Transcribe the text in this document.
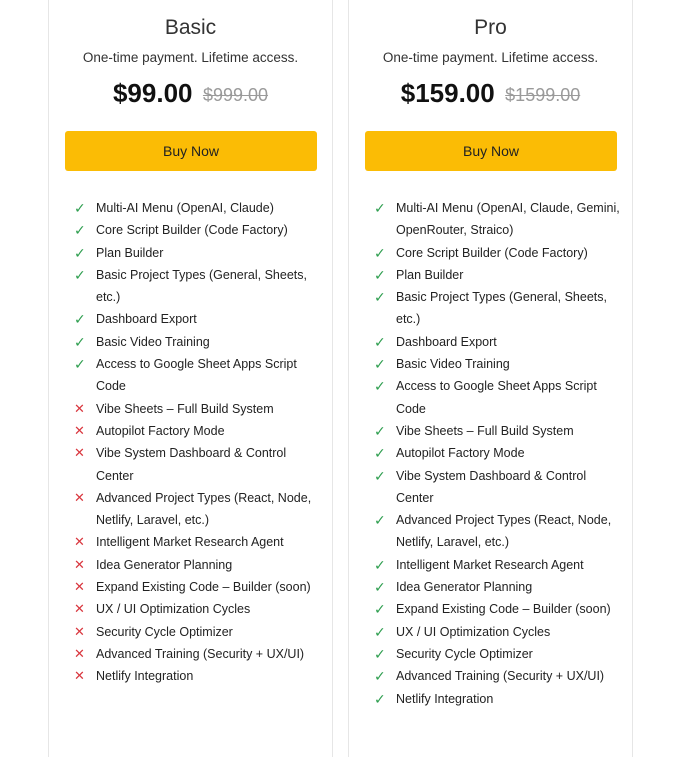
Basic
One-time payment. Lifetime access.
$99.00 $999.00
Buy Now
✓ Multi-AI Menu (OpenAI, Claude)
✓ Core Script Builder (Code Factory)
✓ Plan Builder
✓ Basic Project Types (General, Sheets, etc.)
✓ Dashboard Export
✓ Basic Video Training
✓ Access to Google Sheet Apps Script Code
✕ Vibe Sheets – Full Build System
✕ Autopilot Factory Mode
✕ Vibe System Dashboard & Control Center
✕ Advanced Project Types (React, Node, Netlify, Laravel, etc.)
✕ Intelligent Market Research Agent
✕ Idea Generator Planning
✕ Expand Existing Code – Builder (soon)
✕ UX / UI Optimization Cycles
✕ Security Cycle Optimizer
✕ Advanced Training (Security + UX/UI)
✕ Netlify Integration
Pro
One-time payment. Lifetime access.
$159.00 $1599.00
Buy Now
✓ Multi-AI Menu (OpenAI, Claude, Gemini, OpenRouter, Straico)
✓ Core Script Builder (Code Factory)
✓ Plan Builder
✓ Basic Project Types (General, Sheets, etc.)
✓ Dashboard Export
✓ Basic Video Training
✓ Access to Google Sheet Apps Script Code
✓ Vibe Sheets – Full Build System
✓ Autopilot Factory Mode
✓ Vibe System Dashboard & Control Center
✓ Advanced Project Types (React, Node, Netlify, Laravel, etc.)
✓ Intelligent Market Research Agent
✓ Idea Generator Planning
✓ Expand Existing Code – Builder (soon)
✓ UX / UI Optimization Cycles
✓ Security Cycle Optimizer
✓ Advanced Training (Security + UX/UI)
✓ Netlify Integration
